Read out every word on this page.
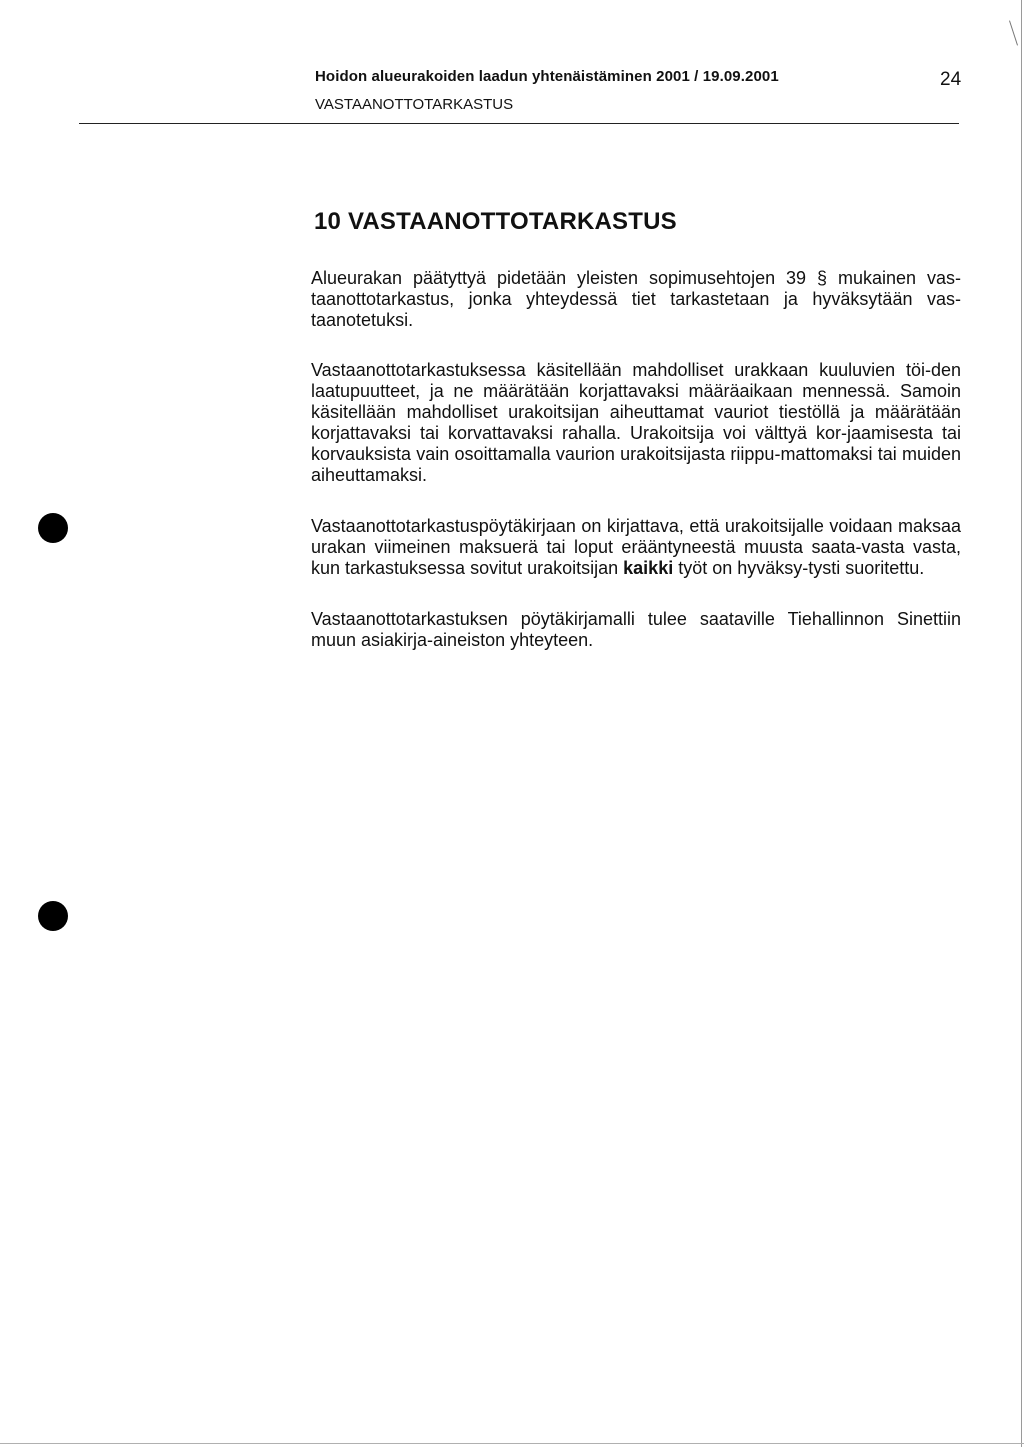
Hoidon alueurakoiden laadun yhtenäistäminen 2001 / 19.09.2001
VASTAANOTTOTARKASTUS
24
10 VASTAANOTTOTARKASTUS

Alueurakan päätyttyä pidetään yleisten sopimusehtojen 39 § mukainen vas-taanottotarkastus, jonka yhteydessä tiet tarkastetaan ja hyväksytään vas-taanotetuksi.

Vastaanottotarkastuksessa käsitellään mahdolliset urakkaan kuuluvien töi-den laatupuutteet, ja ne määrätään korjattavaksi määräaikaan mennessä. Samoin käsitellään mahdolliset urakoitsijan aiheuttamat vauriot tiestöllä ja määrätään korjattavaksi tai korvattavaksi rahalla. Urakoitsija voi välttyä kor-jaamisesta tai korvauksista vain osoittamalla vaurion urakoitsijasta riippu-mattomaksi tai muiden aiheuttamaksi.

Vastaanottotarkastuspöytäkirjaan on kirjattava, että urakoitsijalle voidaan maksaa urakan viimeinen maksuerä tai loput erääntyneestä muusta saata-vasta vasta, kun tarkastuksessa sovitut urakoitsijan kaikki työt on hyväksy-tysti suoritettu.

Vastaanottotarkastuksen pöytäkirjamalli tulee saataville Tiehallinnon Sinettiin muun asiakirja-aineiston yhteyteen.
